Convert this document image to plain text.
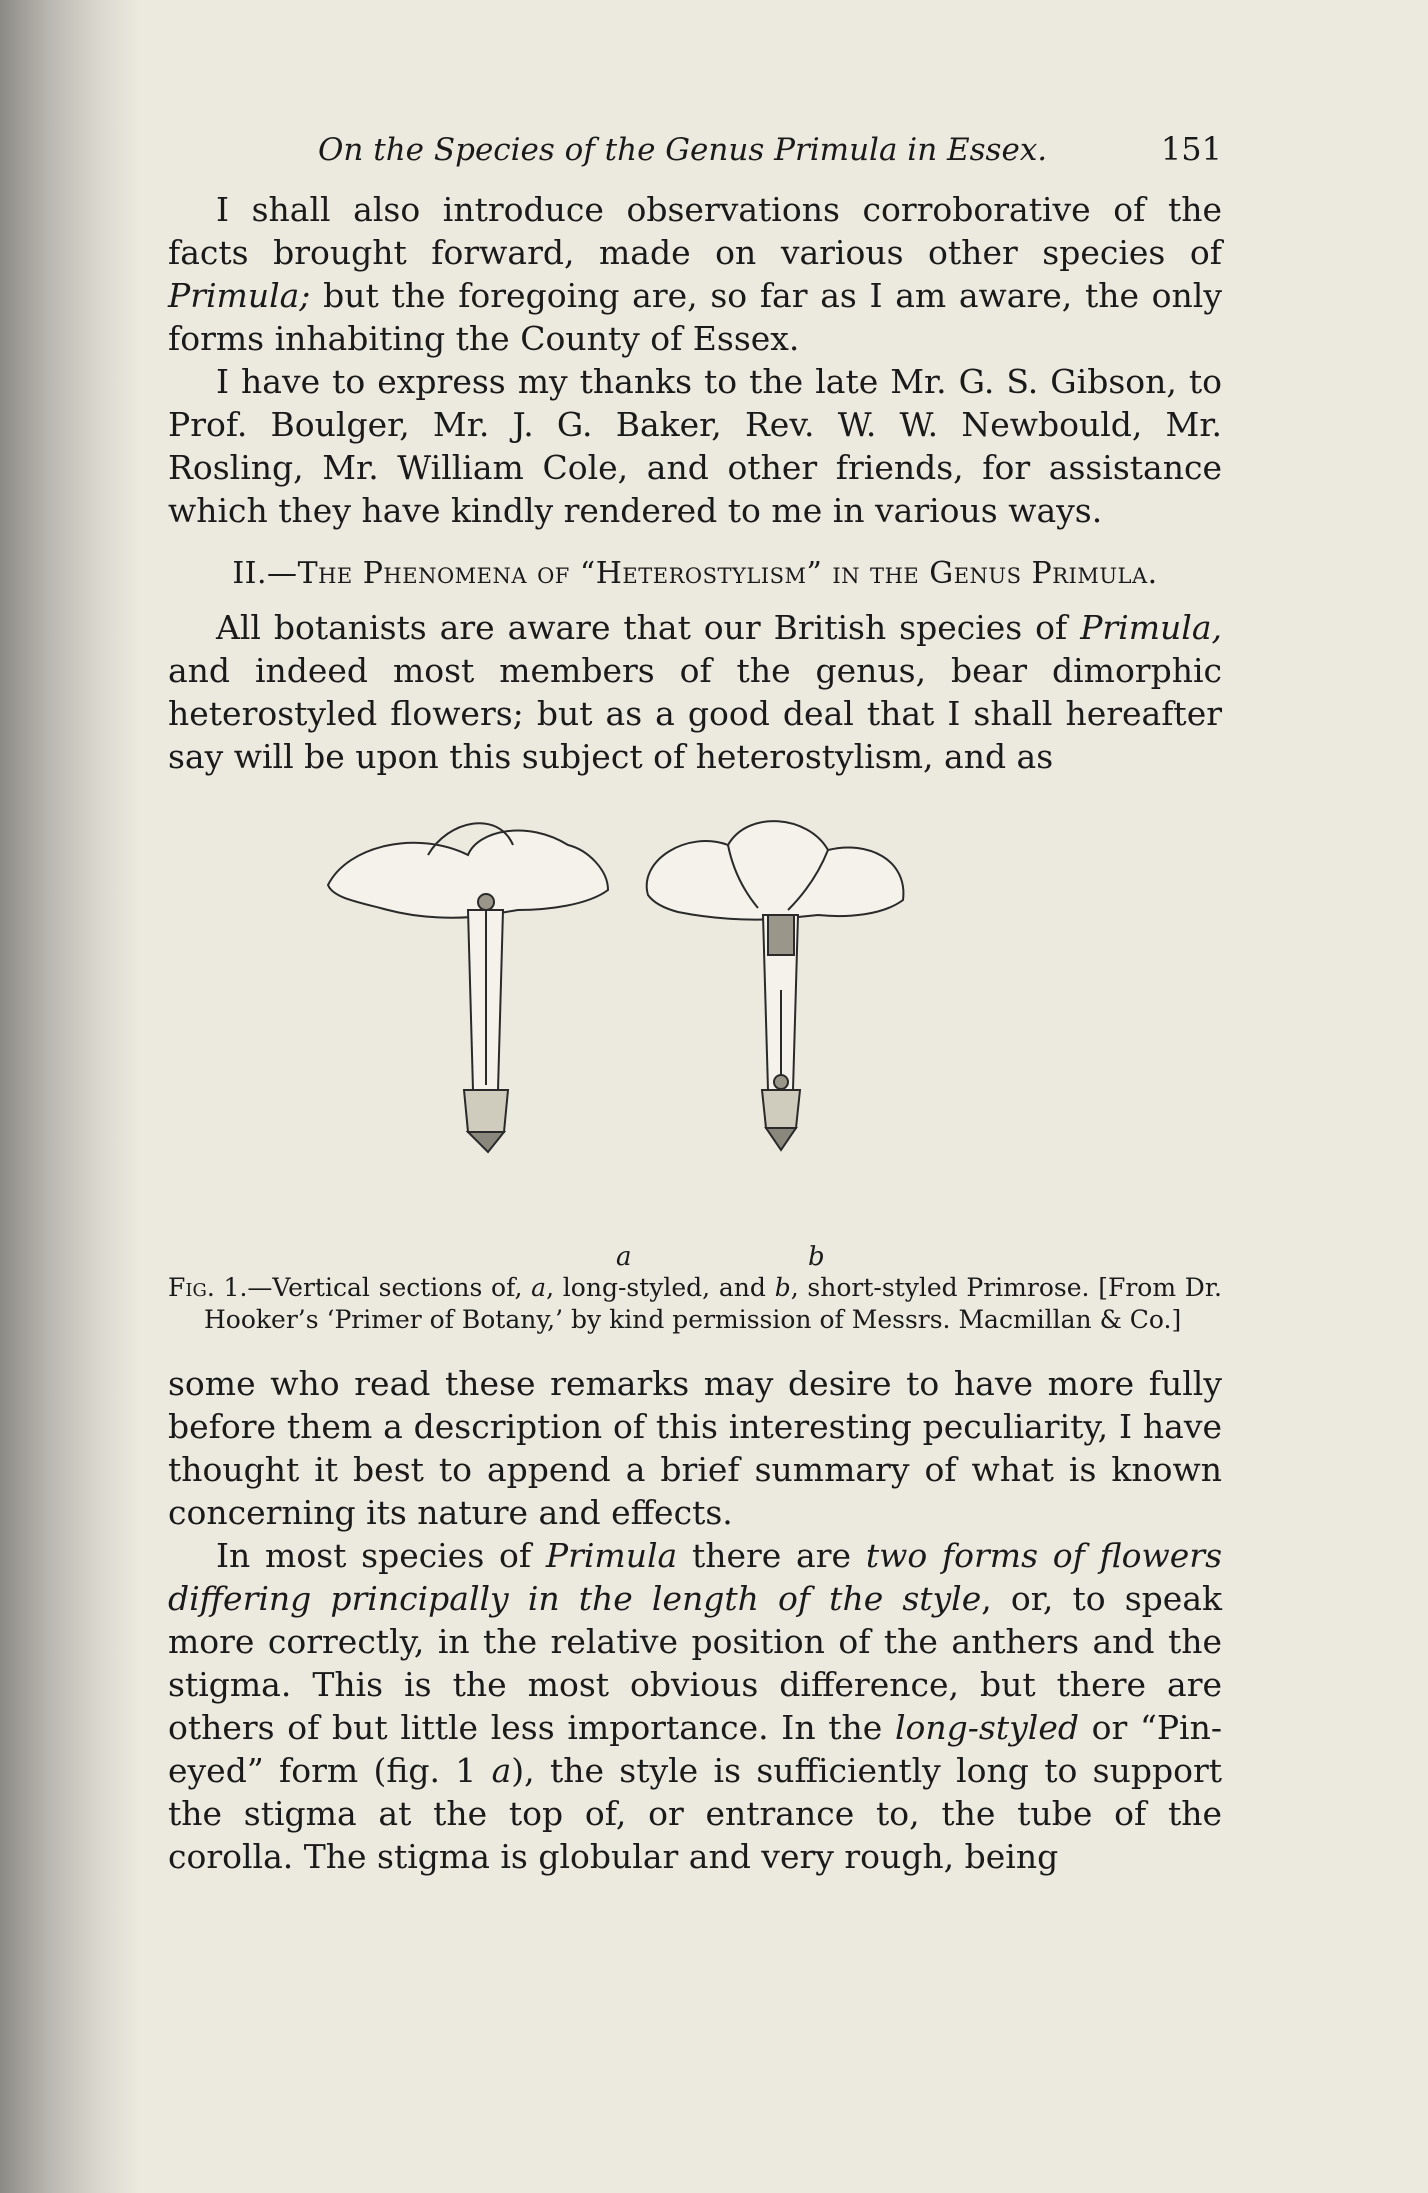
On the Species of the Genus Primula in Essex.	151

I shall also introduce observations corroborative of the facts brought forward, made on various other species of Primula; but the foregoing are, so far as I am aware, the only forms inhabiting the County of Essex.

I have to express my thanks to the late Mr. G. S. Gibson, to Prof. Boulger, Mr. J. G. Baker, Rev. W. W. Newbould, Mr. Rosling, Mr. William Cole, and other friends, for assistance which they have kindly rendered to me in various ways.

II.—The Phenomena of “Heterostylism” in the Genus Primula.

All botanists are aware that our British species of Primula, and indeed most members of the genus, bear dimorphic heterostyled flowers; but as a good deal that I shall hereafter say will be upon this subject of heterostylism, and as

a	b

Fig. 1.—Vertical sections of, a, long-styled, and b, short-styled Primrose. [From Dr. Hooker’s ‘Primer of Botany,’ by kind permission of Messrs. Macmillan & Co.]

some who read these remarks may desire to have more fully before them a description of this interesting peculiarity, I have thought it best to append a brief summary of what is known concerning its nature and effects.

In most species of Primula there are two forms of flowers differing principally in the length of the style, or, to speak more correctly, in the relative position of the anthers and the stigma. This is the most obvious difference, but there are others of but little less importance. In the long-styled or “Pin-eyed” form (fig. 1 a), the style is sufficiently long to support the stigma at the top of, or entrance to, the tube of the corolla. The stigma is globular and very rough, being
